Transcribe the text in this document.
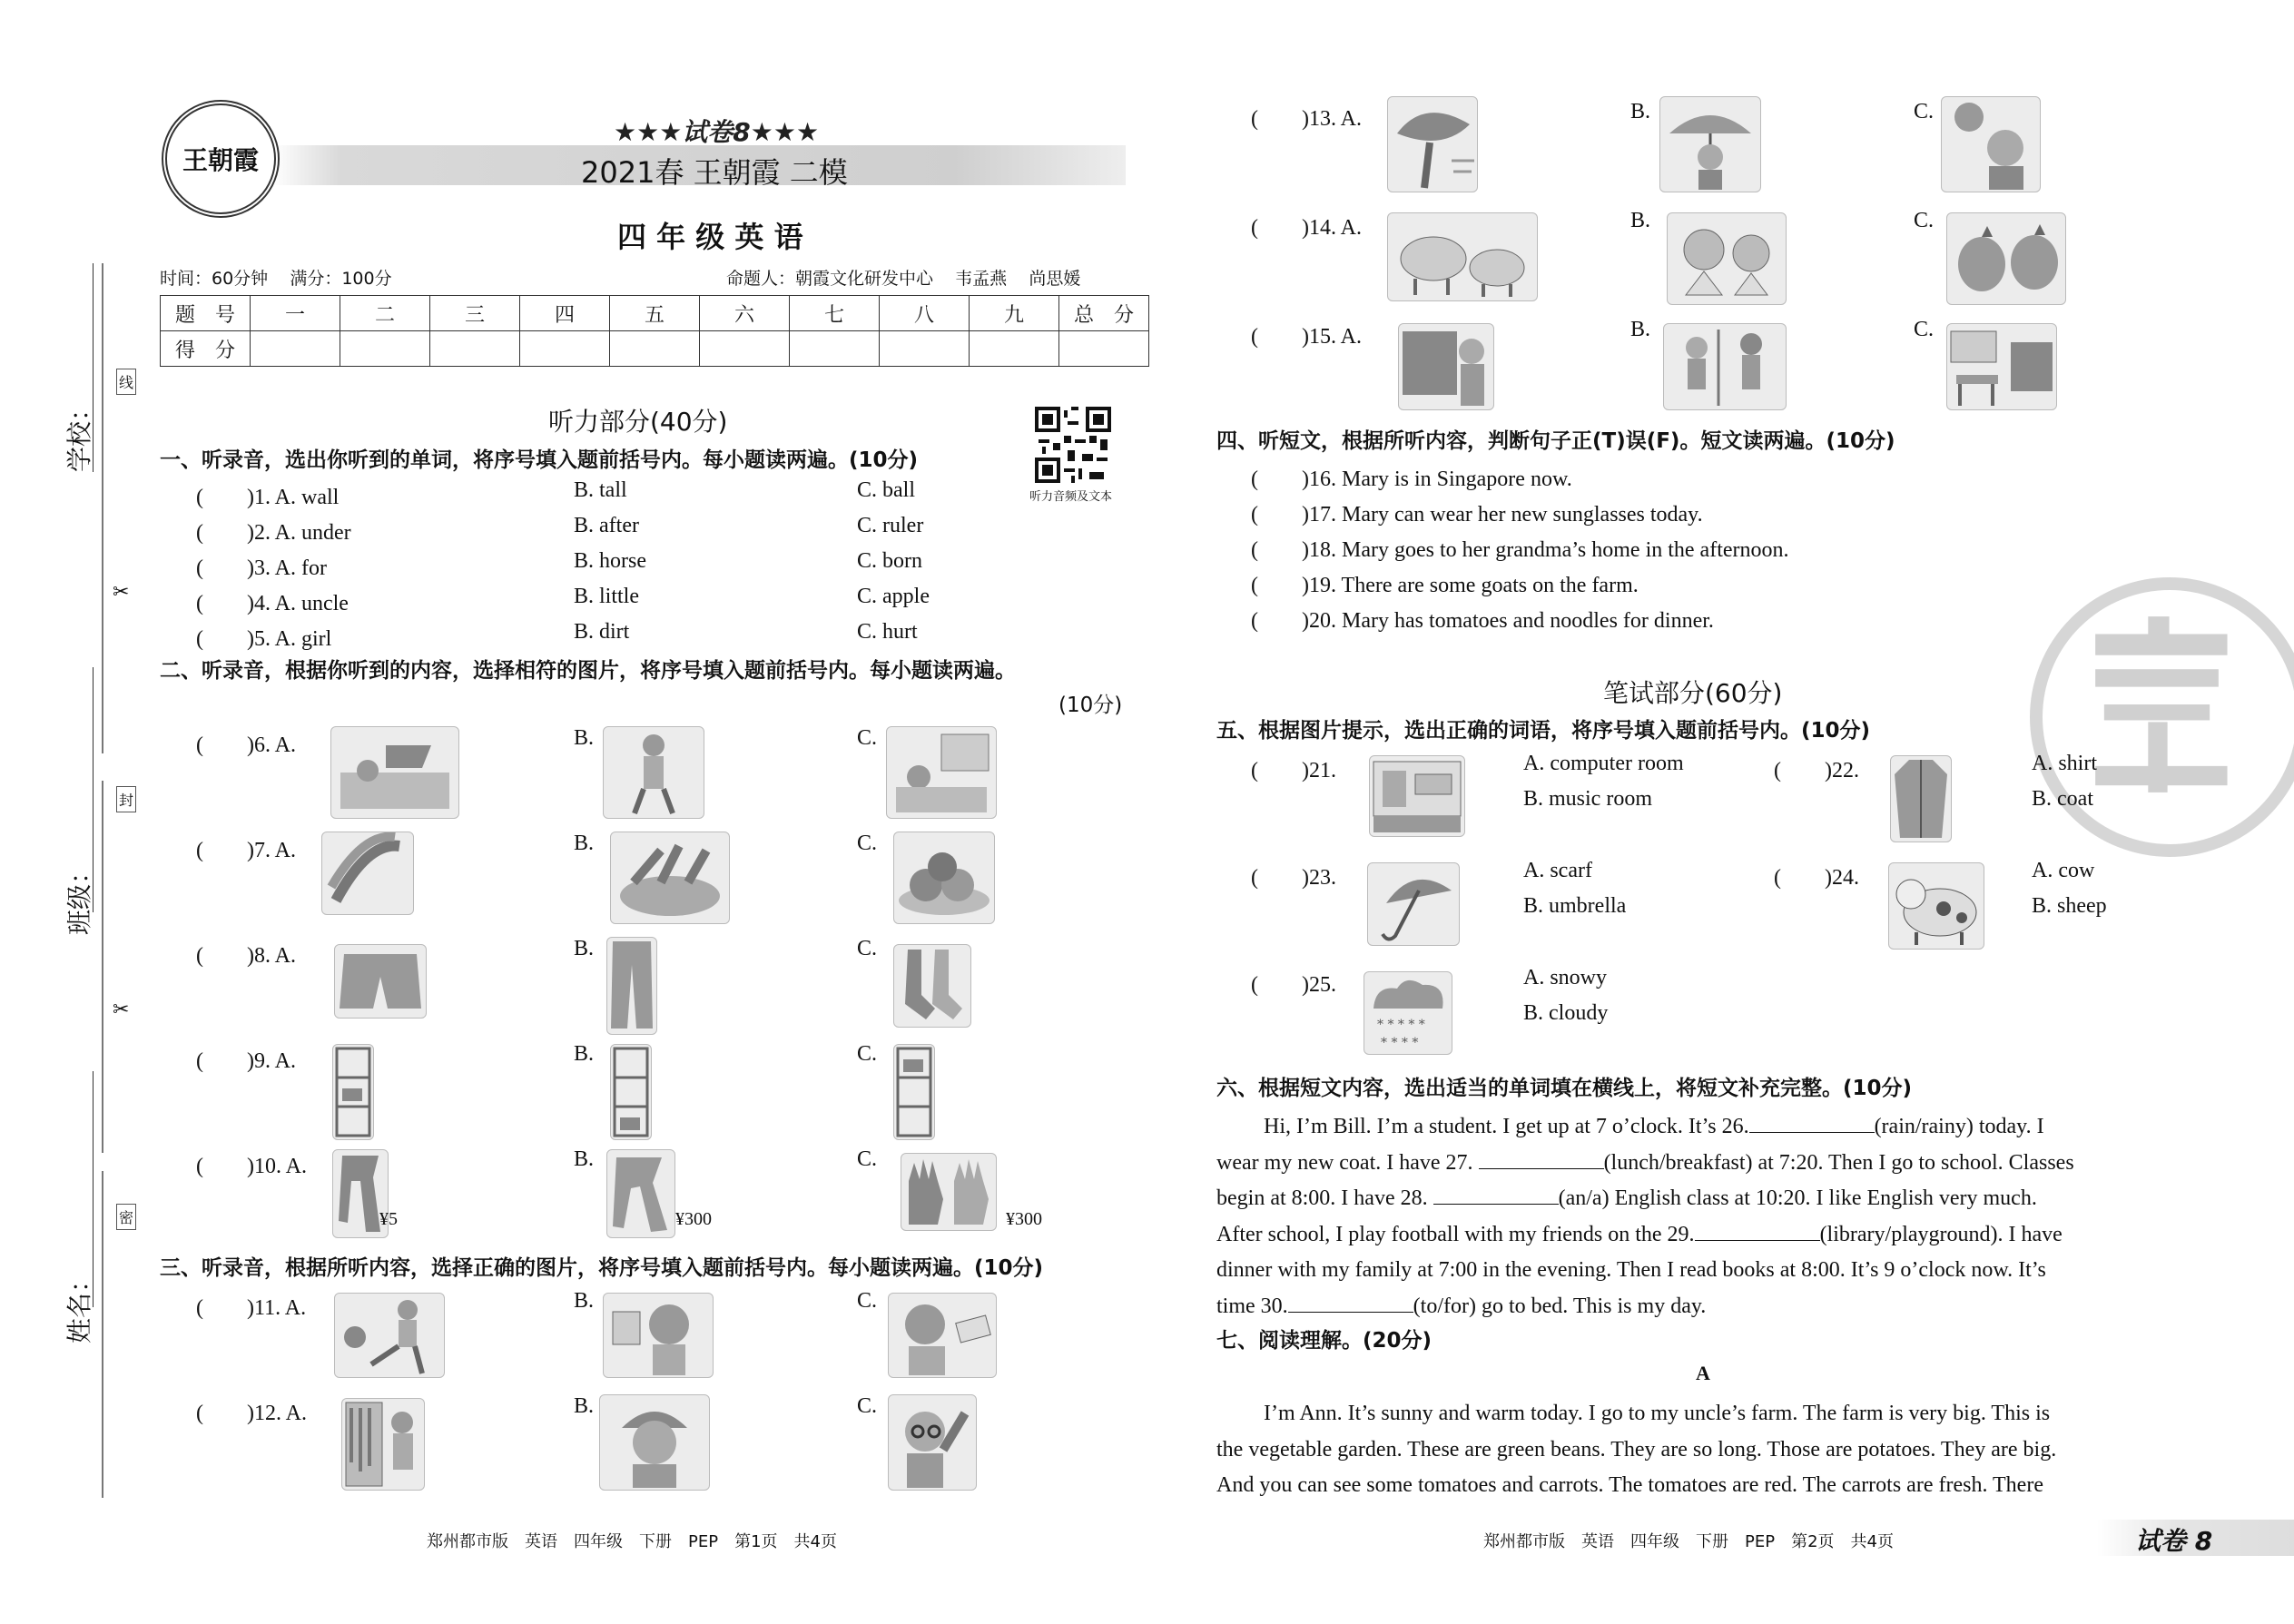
学校：
班级：
姓名：
线
封
密
✂
✂
王朝霞
★★★试卷8★★★
2021春 王朝霞 二模
四 年 级 英 语
时间：60分钟    满分：100分	命题人：朝霞文化研发中心    韦孟燕    尚思媛
题　号	一	二	三	四	五	六	七	八	九	总　分
得　分										
听力部分(40分)
听力音频及文本
一、听录音，选出你听到的单词，将序号填入题前括号内。每小题读两遍。(10分)
(　　)1. A. wall	B. tall	C. ball
(　　)2. A. under	B. after	C. ruler
(　　)3. A. for	B. horse	C. born
(　　)4. A. uncle	B. little	C. apple
(　　)5. A. girl	B. dirt	C. hurt
二、听录音，根据你听到的内容，选择相符的图片，将序号填入题前括号内。每小题读两遍。
(10分)
(　　)6. A.	B.	C.
(　　)7. A.	B.	C.
(　　)8. A.	B.	C.
(　　)9. A.	B.	C.
(　　)10. A.	B.	C.
¥5	¥300	¥300
三、听录音，根据所听内容，选择正确的图片，将序号填入题前括号内。每小题读两遍。(10分)
(　　)11. A.	B.	C.
(　　)12. A.	B.	C.
郑州都市版　英语　四年级　下册　PEP　第1页　共4页
(　　)13. A.	B.	C.
(　　)14. A.	B.	C.
(　　)15. A.	B.	C.
四、听短文，根据所听内容，判断句子正(T)误(F)。短文读两遍。(10分)
(　　)16. Mary is in Singapore now.
(　　)17. Mary can wear her new sunglasses today.
(　　)18. Mary goes to her grandma’s home in the afternoon.
(　　)19. There are some goats on the farm.
(　　)20. Mary has tomatoes and noodles for dinner.
笔试部分(60分)
五、根据图片提示，选出正确的词语，将序号填入题前括号内。(10分)
(　　)21.	A. computer room
B. music room
(　　)22.	A. shirt
B. coat
(　　)23.	A. scarf
B. umbrella
(　　)24.	A. cow
B. sheep
(　　)25.
* * * * *
* * * *
A. snowy
B. cloudy
六、根据短文内容，选出适当的单词填在横线上，将短文补充完整。(10分)
Hi, I’m Bill. I’m a student. I get up at 7 o’clock. It’s 26.	(rain/rainy) today. I
wear my new coat. I have 27.	(lunch/breakfast) at 7:20. Then I go to school. Classes
begin at 8:00. I have 28.	(an/a) English class at 10:20. I like English very much.
After school, I play football with my friends on the 29.	(library/playground). I have
dinner with my family at 7:00 in the evening. Then I read books at 8:00. It’s 9 o’clock now. It’s
time 30.	(to/for) go to bed. This is my day.
七、阅读理解。(20分)
A
I’m Ann. It’s sunny and warm today. I go to my uncle’s farm. The farm is very big. This is
the vegetable garden. These are green beans. They are so long. Those are potatoes. They are big.
And you can see some tomatoes and carrots. The tomatoes are red. The carrots are fresh. There
郑州都市版　英语　四年级　下册　PEP　第2页　共4页	试卷 8
